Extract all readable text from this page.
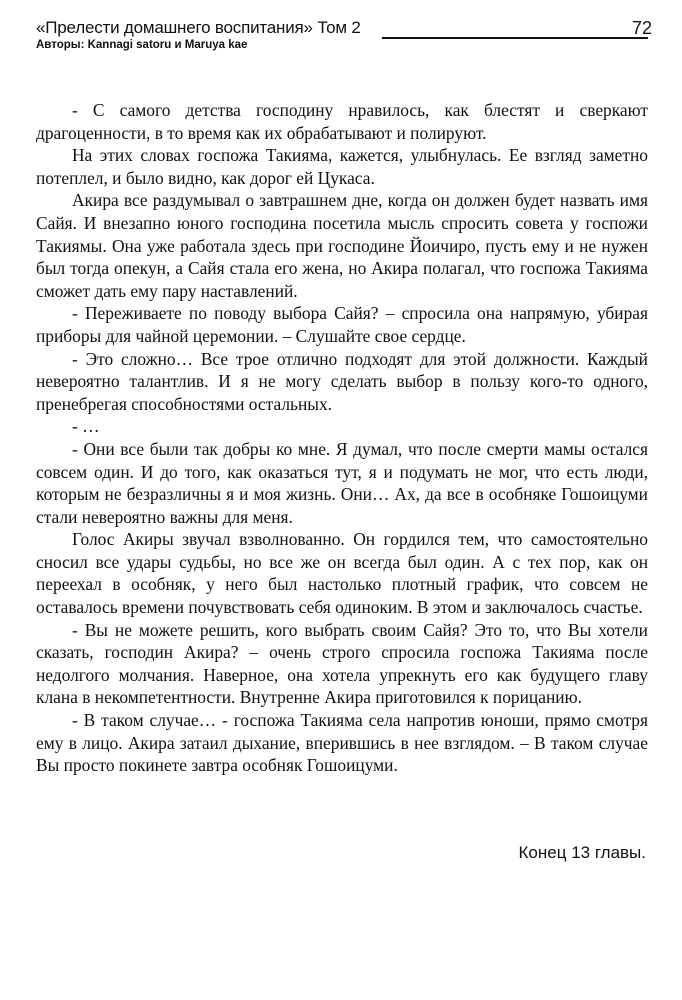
«Прелести домашнего воспитания» Том 2
Авторы: Kannagi satoru и Maruya kae
72

- С самого детства господину нравилось, как блестят и сверкают драгоценности, в то время как их обрабатывают и полируют.

На этих словах госпожа Такияма, кажется, улыбнулась. Ее взгляд заметно потеплел, и было видно, как дорог ей Цукаса.

Акира все раздумывал о завтрашнем дне, когда он должен будет назвать имя Сайя. И внезапно юного господина посетила мысль спросить совета у госпожи Такиямы. Она уже работала здесь при господине Йоичиро, пусть ему и не нужен был тогда опекун, а Сайя стала его жена, но Акира полагал, что госпожа Такияма сможет дать ему пару наставлений.

- Переживаете по поводу выбора Сайя? – спросила она напрямую, убирая приборы для чайной церемонии. – Слушайте свое сердце.

- Это сложно… Все трое отлично подходят для этой должности. Каждый невероятно талантлив. И я не могу сделать выбор в пользу кого-то одного, пренебрегая способностями остальных.

- …

- Они все были так добры ко мне. Я думал, что после смерти мамы остался совсем один. И до того, как оказаться тут, я и подумать не мог, что есть люди, которым не безразличны я и моя жизнь. Они… Ах, да все в особняке Гошоицуми стали невероятно важны для меня.

Голос Акиры звучал взволнованно. Он гордился тем, что самостоятельно сносил все удары судьбы, но все же он всегда был один. А с тех пор, как он переехал в особняк, у него был настолько плотный график, что совсем не оставалось времени почувствовать себя одиноким. В этом и заключалось счастье.

- Вы не можете решить, кого выбрать своим Сайя? Это то, что Вы хотели сказать, господин Акира? – очень строго спросила госпожа Такияма после недолгого молчания. Наверное, она хотела упрекнуть его как будущего главу клана в некомпетентности. Внутренне Акира приготовился к порицанию.

- В таком случае… - госпожа Такияма села напротив юноши, прямо смотря ему в лицо. Акира затаил дыхание, вперившись в нее взглядом. – В таком случае Вы просто покинете завтра особняк Гошоицуми.

Конец 13 главы.
